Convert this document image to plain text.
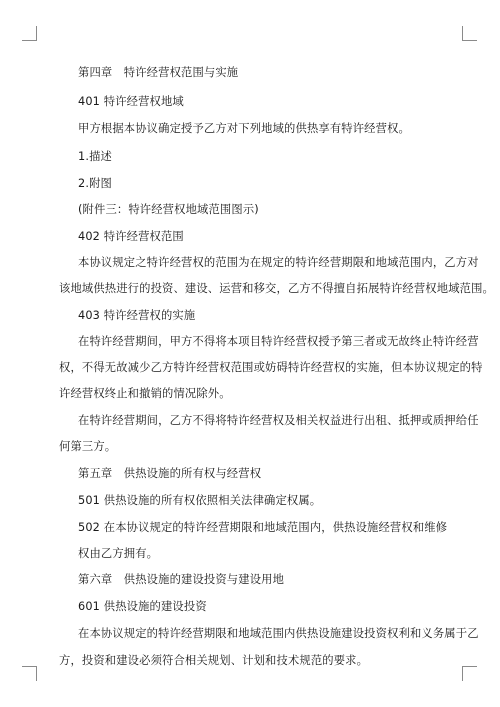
第四章　特许经营权范围与实施
401 特许经营权地域
甲方根据本协议确定授予乙方对下列地域的供热享有特许经营权。
1.描述
2.附图
(附件三：特许经营权地域范围图示)
402 特许经营权范围
本协议规定之特许经营权的范围为在规定的特许经营期限和地域范围内，乙方对
该地域供热进行的投资、建设、运营和移交，乙方不得擅自拓展特许经营权地域范围。
403 特许经营权的实施
在特许经营期间，甲方不得将本项目特许经营权授予第三者或无故终止特许经营
权，不得无故减少乙方特许经营权范围或妨碍特许经营权的实施，但本协议规定的特
许经营权终止和撤销的情况除外。
在特许经营期间，乙方不得将特许经营权及相关权益进行出租、抵押或质押给任
何第三方。
第五章　供热设施的所有权与经营权
501 供热设施的所有权依照相关法律确定权属。
502 在本协议规定的特许经营期限和地域范围内，供热设施经营权和维修
权由乙方拥有。
第六章　供热设施的建设投资与建设用地
601 供热设施的建设投资
在本协议规定的特许经营期限和地域范围内供热设施建设投资权利和义务属于乙
方，投资和建设必须符合相关规划、计划和技术规范的要求。
